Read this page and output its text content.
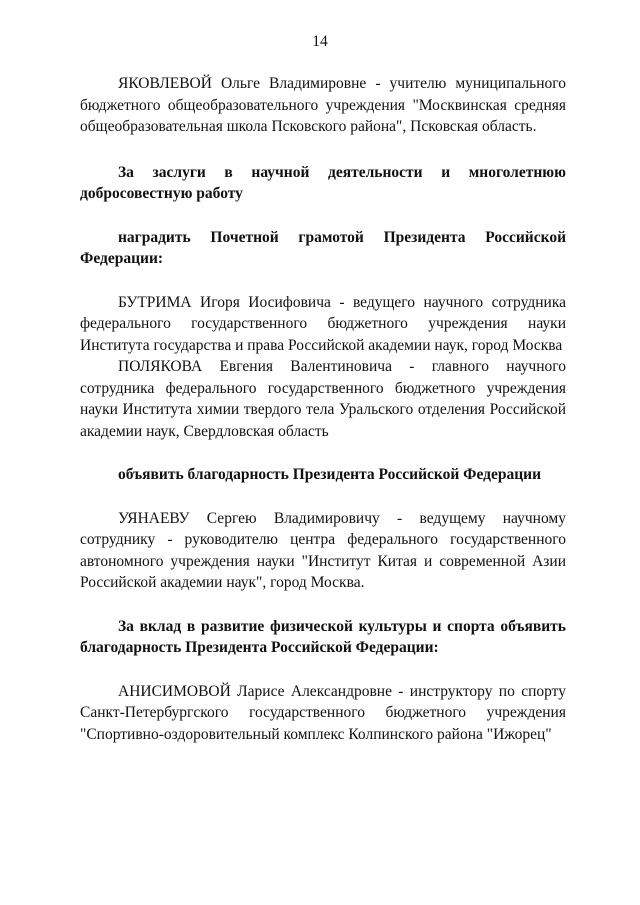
14

ЯКОВЛЕВОЙ Ольге Владимировне - учителю муниципального бюджетного общеобразовательного учреждения "Москвинская средняя общеобразовательная школа Псковского района", Псковская область.

За заслуги в научной деятельности и многолетнюю добросовестную работу

наградить Почетной грамотой Президента Российской Федерации:

БУТРИМА Игоря Иосифовича - ведущего научного сотрудника федерального государственного бюджетного учреждения науки Института государства и права Российской академии наук, город Москва

ПОЛЯКОВА Евгения Валентиновича - главного научного сотрудника федерального государственного бюджетного учреждения науки Института химии твердого тела Уральского отделения Российской академии наук, Свердловская область

объявить благодарность Президента Российской Федерации

УЯНАЕВУ Сергею Владимировичу - ведущему научному сотруднику - руководителю центра федерального государственного автономного учреждения науки "Институт Китая и современной Азии Российской академии наук", город Москва.

За вклад в развитие физической культуры и спорта объявить благодарность Президента Российской Федерации:

АНИСИМОВОЙ Ларисе Александровне - инструктору по спорту Санкт-Петербургского государственного бюджетного учреждения "Спортивно-оздоровительный комплекс Колпинского района "Ижорец"
